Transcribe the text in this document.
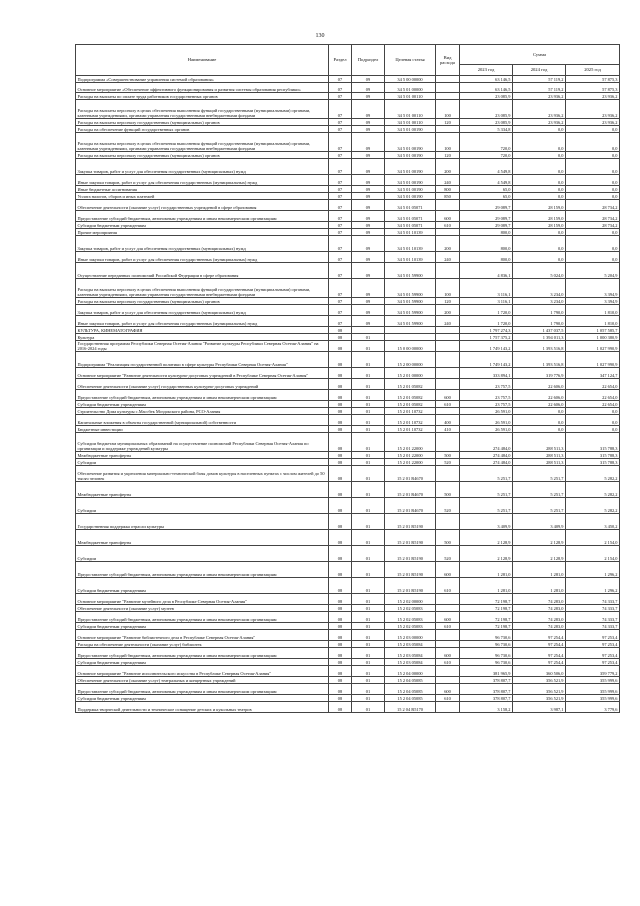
130
Наименование	Раздел	Подраздел	Целевая статья	Вид расхода	Сумма		
					2023 год	2024 год	2025 год
Подпрограмма «Совершенствование управления системой образования»	07	09	34 5 00 00000		63 146,5	57 119,2	57 875,3
Основное мероприятие «Обеспечение эффективного функционирования и развития системы образования республики»	07	09	34 5 01 00000		63 146,5	57 119,2	57 875,3
Расходы на выплаты по оплате труда работников государственных органов	07	09	34 5 01 00110		23 085,9	23 936,2	23 936,2
Расходы на выплаты персоналу в целях обеспечения выполнения функций государственными (муниципальными) органами, казенными учреждениями, органами управления государственными внебюджетными фондами	07	09	34 5 01 00110	100	23 085,9	23 936,2	23 936,2
Расходы на выплаты персоналу государственных (муниципальных) органов	07	09	34 5 01 00110	120	23 085,9	23 936,2	23 936,2
Расходы на обеспечение функций государственных органов	07	09	34 5 01 00190		5 334,8	0,0	0,0
Расходы на выплаты персоналу в целях обеспечения выполнения функций государственными (муниципальными) органами, казенными учреждениями, органами управления государственными внебюджетными фондами	07	09	34 5 01 00190	100	720,0	0,0	0,0
Расходы на выплаты персоналу государственных (муниципальных) органов	07	09	34 5 01 00190	120	720,0	0,0	0,0
Закупка товаров, работ и услуг для обеспечения государственных (муниципальных) нужд	07	09	34 5 01 00190	200	4 549,8	0,0	0,0
Иные закупки товаров, работ и услуг для обеспечения государственных (муниципальных) нужд	07	09	34 5 01 00190	240	4 549,8	0,0	0,0
Иные бюджетные ассигнования	07	09	34 5 01 00190	800	65,0	0,0	0,0
Уплата налогов, сборов и иных платежей	07	09	34 5 01 00190	850	65,0	0,0	0,0
Обеспечение деятельности (оказание услуг) государственных учреждений в сфере образования	07	09	34 5 01 05071		29 089,7	28 159,0	28 734,2
Предоставление субсидий бюджетным, автономным учреждениям и иным некоммерческим организациям	07	09	34 5 01 05071	600	29 089,7	28 159,0	28 734,2
Субсидии бюджетным учреждениям	07	09	34 5 01 05071	610	29 089,7	28 159,0	28 734,2
Прочие мероприятия	07	09	34 5 01 10139		800,0	0,0	0,0
Закупка товаров, работ и услуг для обеспечения государственных (муниципальных) нужд	07	09	34 5 01 10139	200	800,0	0,0	0,0
Иные закупки товаров, работ и услуг для обеспечения государственных (муниципальных) нужд	07	09	34 5 01 10139	240	800,0	0,0	0,0
Осуществление переданных полномочий Российской Федерации в сфере образования	07	09	34 5 01 59900		4 836,1	5 024,0	5 204,9
Расходы на выплаты персоналу в целях обеспечения выполнения функций государственными (муниципальными) органами, казенными учреждениями, органами управления государственными внебюджетными фондами	07	09	34 5 01 59900	100	3 116,1	3 234,0	3 394,9
Расходы на выплаты персоналу государственных (муниципальных) органов	07	09	34 5 01 59900	120	3 116,1	3 234,0	3 394,9
Закупка товаров, работ и услуг для обеспечения государственных (муниципальных) нужд	07	09	34 5 01 59900	200	1 720,0	1 790,0	1 810,0
Иные закупки товаров, работ и услуг для обеспечения государственных (муниципальных) нужд	07	09	34 5 01 59900	240	1 720,0	1 790,0	1 810,0
КУЛЬТУРА, КИНЕМАТОГРАФИЯ	08				1 797 274,3	1 437 037,5	1 057 585,7
Культура	08	01			1 757 375,2	1 394 011,3	1 000 380,9
Государственная программа Республики Северная Осетия-Алания "Развитие культуры Республики Северная Осетия-Алания" на 2016-2024 годы	08	01	15 0 00 00000		1 749 143,2	1 393 516,8	1 027 990,9
Подпрограмма "Реализация государственной политики в сфере культуры Республики Северная Осетия-Алания"	08	01	15 2 00 00000		1 749 143,2	1 393 516,8	1 027 990,9
Основное мероприятие "Развитие деятельности культурно-досуговых учреждений в Республике Северная Осетия-Алания"	08	01	15 2 01 00000		333 894,1	319 776,9	347 124,7
Обеспечение деятельности (оказание услуг) государственных культурно-досуговых учреждений	08	01	15 2 01 05082		23 757,5	22 606,0	22 654,0
Предоставление субсидий бюджетным, автономным учреждениям и иным некоммерческим организациям	08	01	15 2 01 05082	600	23 757,5	22 606,0	22 654,0
Субсидии бюджетным учреждениям	08	01	15 2 01 05082	610	23 757,5	22 606,0	22 654,0
Строительство Дома культуры с.Массбек Моздокского района, РСО-Алания	08	01	15 2 01 10732		26 591,0	0,0	0,0
Капитальные вложения в объекты государственной (муниципальной) собственности	08	01	15 2 01 10732	400	26 591,0	0,0	0,0
Бюджетные инвестиции	08	01	15 2 01 10732	410	26 591,0	0,0	0,0
Субсидии бюджетам муниципальных образований на осуществление полномочий Республики Северная Осетия-Алания по организации и поддержке учреждений культуры	08	01	15 2 01 22000		274 484,0	288 511,3	315 788,3
Межбюджетные трансферты	08	01	15 2 01 22000	500	274 484,0	288 511,3	315 788,3
Субсидии	08	01	15 2 01 22000	520	274 484,0	288 511,3	315 788,3
Обеспечение развития и укрепления материально-технической базы домов культуры в населенных пунктах с числом жителей до 50 тысяч человек	08	01	15 2 01 R4670		5 251,7	5 251,7	5 282,2
Межбюджетные трансферты	08	01	15 2 01 R4670	500	5 251,7	5 251,7	5 282,2
Субсидии	08	01	15 2 01 R4670	520	5 251,7	5 251,7	5 282,2
Государственная поддержка отрасли культуры	08	01	15 2 01 R5190		3 409,9	3 409,9	3 450,2
Межбюджетные трансферты	08	01	15 2 01 R5190	500	2 128,9	2 128,9	2 154,0
Субсидии	08	01	15 2 01 R5190	520	2 128,9	2 128,9	2 154,0
Предоставление субсидий бюджетным, автономным учреждениям и иным некоммерческим организациям	08	01	15 2 01 R5190	600	1 281,0	1 281,0	1 296,2
Субсидии бюджетным учреждениям	08	01	15 2 01 R5190	610	1 281,0	1 281,0	1 296,2
Основное мероприятие "Развитие музейного дела в Республике Северная Осетия-Алания"	08	01	15 2 02 00000		72 198,7	74 283,0	74 333,7
Обеспечение деятельности (оказание услуг) музеев	08	01	15 2 02 05083		72 198,7	74 283,0	74 333,7
Предоставление субсидий бюджетным, автономным учреждениям и иным некоммерческим организациям	08	01	15 2 02 05083	600	72 198,7	74 283,0	74 333,7
Субсидии бюджетным учреждениям	08	01	15 2 02 05083	610	72 198,7	74 283,0	74 333,7
Основное мероприятие "Развитие библиотечного дела в Республике Северная Осетия-Алания"	08	01	15 2 03 00000		96 730,6	97 254,4	97 253,4
Расходы на обеспечение деятельности (оказание услуг) библиотек	08	01	15 2 03 05084		96 730,6	97 254,4	97 253,4
Предоставление субсидий бюджетным, автономным учреждениям и иным некоммерческим организациям	08	01	15 2 03 05084	600	96 730,6	97 254,4	97 253,4
Субсидии бюджетным учреждениям	08	01	15 2 03 05084	610	96 730,6	97 254,4	97 253,4
Основное мероприятие "Развитие исполнительского искусства в Республике Северная Осетия-Алания"	08	01	15 2 04 00000		381 965,9	360 506,0	359 779,2
Обеспечение деятельности (оказание услуг) театральных и концертных учреждений	08	01	15 2 04 05085		378 807,7	356 521,9	355 999,6
Предоставление субсидий бюджетным, автономным учреждениям и иным некоммерческим организациям	08	01	15 2 04 05085	600	378 807,7	356 521,9	355 999,6
Субсидии бюджетным учреждениям	08	01	15 2 04 05085	610	378 807,7	356 521,9	355 999,6
Поддержка творческой деятельности и техническое оснащение детских и кукольных театров	08	01	15 2 04 R5170		3 158,2	3 987,1	3 779,6
